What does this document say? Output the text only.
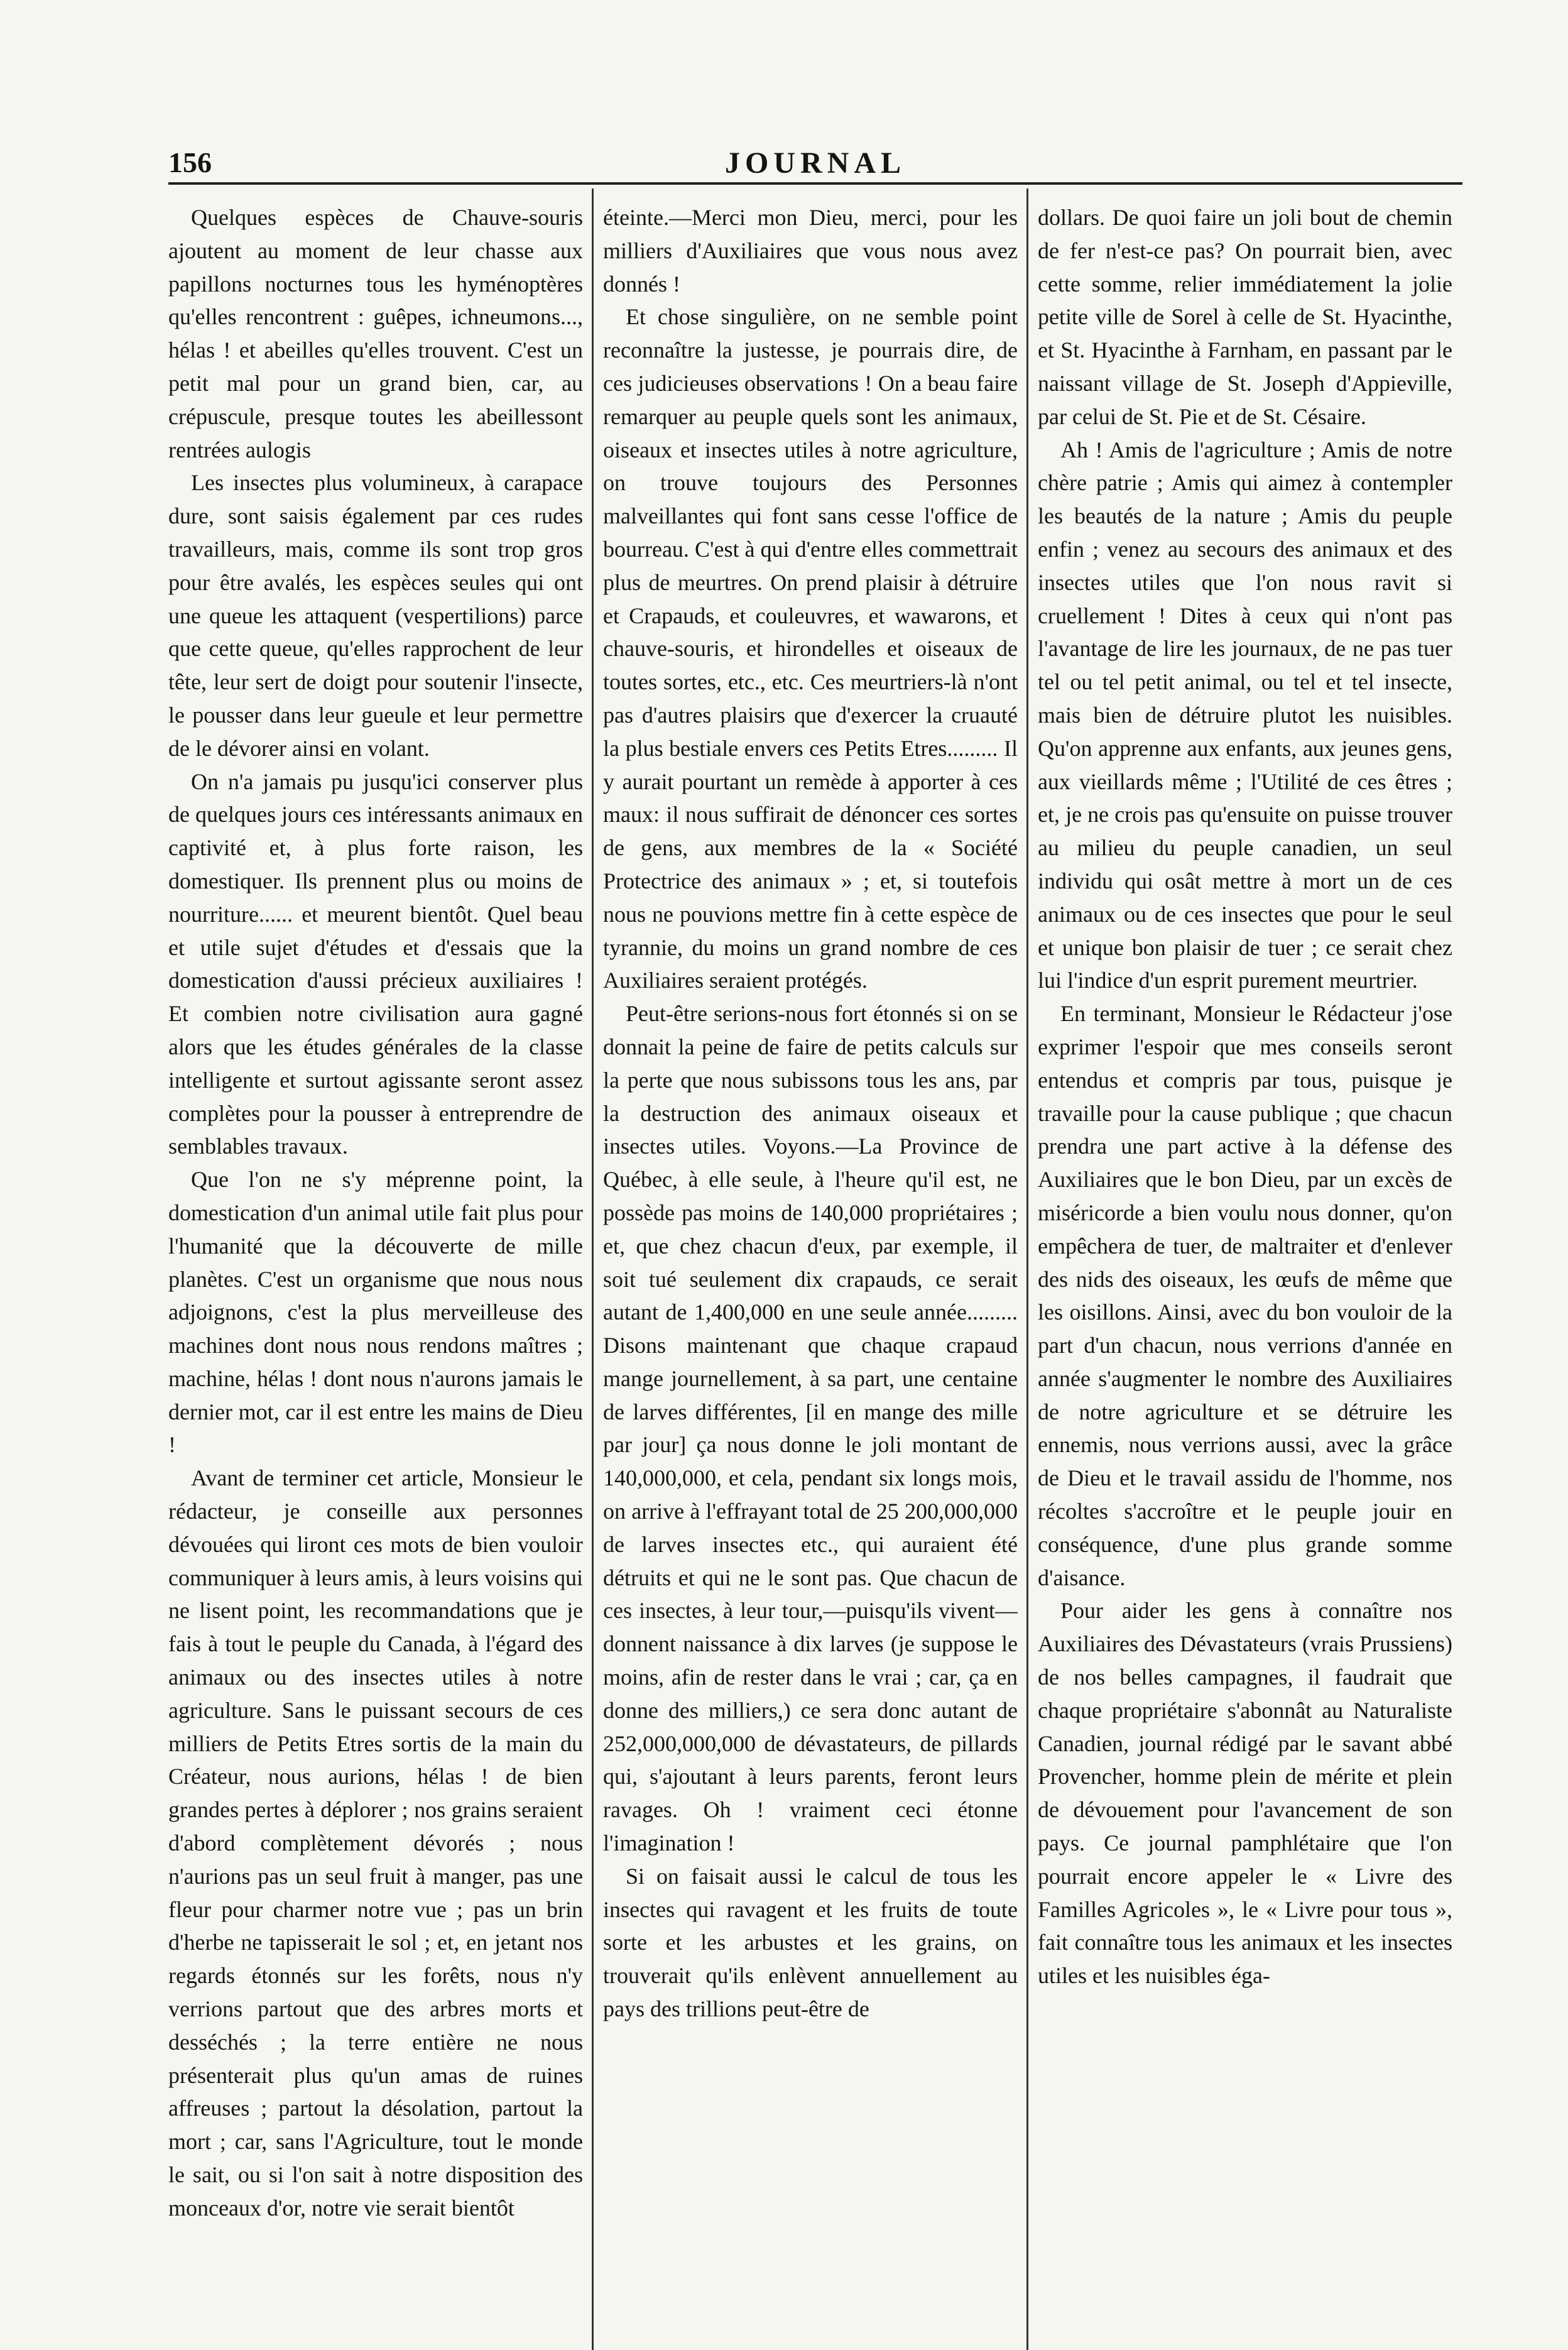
156	JOURNAL

Quelques espèces de Chauve-souris ajoutent au moment de leur chasse aux papillons nocturnes tous les hyménoptères qu'elles rencontrent : guêpes, ichneumons..., hélas ! et abeilles qu'elles trouvent. C'est un petit mal pour un grand bien, car, au crépuscule, presque toutes les abeillessont rentrées aulogis

Les insectes plus volumineux, à carapace dure, sont saisis également par ces rudes travailleurs, mais, comme ils sont trop gros pour être avalés, les espèces seules qui ont une queue les attaquent (vespertilions) parce que cette queue, qu'elles rapprochent de leur tête, leur sert de doigt pour soutenir l'insecte, le pousser dans leur gueule et leur permettre de le dévorer ainsi en volant.

On n'a jamais pu jusqu'ici conserver plus de quelques jours ces intéressants animaux en captivité et, à plus forte raison, les domestiquer. Ils prennent plus ou moins de nourriture...... et meurent bientôt. Quel beau et utile sujet d'études et d'essais que la domestication d'aussi précieux auxiliaires ! Et combien notre civilisation aura gagné alors que les études générales de la classe intelligente et surtout agissante seront assez complètes pour la pousser à entreprendre de semblables travaux.

Que l'on ne s'y méprenne point, la domestication d'un animal utile fait plus pour l'humanité que la découverte de mille planètes. C'est un organisme que nous nous adjoignons, c'est la plus merveilleuse des machines dont nous nous rendons maîtres ; machine, hélas ! dont nous n'aurons jamais le dernier mot, car il est entre les mains de Dieu !

Avant de terminer cet article, Monsieur le rédacteur, je conseille aux personnes dévouées qui liront ces mots de bien vouloir communiquer à leurs amis, à leurs voisins qui ne lisent point, les recommandations que je fais à tout le peuple du Canada, à l'égard des animaux ou des insectes utiles à notre agriculture. Sans le puissant secours de ces milliers de Petits Etres sortis de la main du Créateur, nous aurions, hélas ! de bien grandes pertes à déplorer ; nos grains seraient d'abord complètement dévorés ; nous n'aurions pas un seul fruit à manger, pas une fleur pour charmer notre vue ; pas un brin d'herbe ne tapisserait le sol ; et, en jetant nos regards étonnés sur les forêts, nous n'y verrions partout que des arbres morts et desséchés ; la terre entière ne nous présenterait plus qu'un amas de ruines affreuses ; partout la désolation, partout la mort ; car, sans l'Agriculture, tout le monde le sait, ou si l'on sait à notre disposition des monceaux d'or, notre vie serait bientôt

éteinte.—Merci mon Dieu, merci, pour les milliers d'Auxiliaires que vous nous avez donnés !

Et chose singulière, on ne semble point reconnaître la justesse, je pourrais dire, de ces judicieuses observations ! On a beau faire remarquer au peuple quels sont les animaux, oiseaux et insectes utiles à notre agriculture, on trouve toujours des Personnes malveillantes qui font sans cesse l'office de bourreau. C'est à qui d'entre elles commettrait plus de meurtres. On prend plaisir à détruire et Crapauds, et couleuvres, et wawarons, et chauve-souris, et hirondelles et oiseaux de toutes sortes, etc., etc. Ces meurtriers-là n'ont pas d'autres plaisirs que d'exercer la cruauté la plus bestiale envers ces Petits Etres......... Il y aurait pourtant un remède à apporter à ces maux: il nous suffirait de dénoncer ces sortes de gens, aux membres de la « Société Protectrice des animaux » ; et, si toutefois nous ne pouvions mettre fin à cette espèce de tyrannie, du moins un grand nombre de ces Auxiliaires seraient protégés.

Peut-être serions-nous fort étonnés si on se donnait la peine de faire de petits calculs sur la perte que nous subissons tous les ans, par la destruction des animaux oiseaux et insectes utiles. Voyons.—La Province de Québec, à elle seule, à l'heure qu'il est, ne possède pas moins de 140,000 propriétaires ; et, que chez chacun d'eux, par exemple, il soit tué seulement dix crapauds, ce serait autant de 1,400,000 en une seule année......... Disons maintenant que chaque crapaud mange journellement, à sa part, une centaine de larves différentes, [il en mange des mille par jour] ça nous donne le joli montant de 140,000,000, et cela, pendant six longs mois, on arrive à l'effrayant total de 25 200,000,000 de larves insectes etc., qui auraient été détruits et qui ne le sont pas. Que chacun de ces insectes, à leur tour,—puisqu'ils vivent—donnent naissance à dix larves (je suppose le moins, afin de rester dans le vrai ; car, ça en donne des milliers,) ce sera donc autant de 252,000,000,000 de dévastateurs, de pillards qui, s'ajoutant à leurs parents, feront leurs ravages. Oh ! vraiment ceci étonne l'imagination !

Si on faisait aussi le calcul de tous les insectes qui ravagent et les fruits de toute sorte et les arbustes et les grains, on trouverait qu'ils enlèvent annuellement au pays des trillions peut-être de

dollars. De quoi faire un joli bout de chemin de fer n'est-ce pas? On pourrait bien, avec cette somme, relier immédiatement la jolie petite ville de Sorel à celle de St. Hyacinthe, et St. Hyacinthe à Farnham, en passant par le naissant village de St. Joseph d'Appieville, par celui de St. Pie et de St. Césaire.

Ah ! Amis de l'agriculture ; Amis de notre chère patrie ; Amis qui aimez à contempler les beautés de la nature ; Amis du peuple enfin ; venez au secours des animaux et des insectes utiles que l'on nous ravit si cruellement ! Dites à ceux qui n'ont pas l'avantage de lire les journaux, de ne pas tuer tel ou tel petit animal, ou tel et tel insecte, mais bien de détruire plutot les nuisibles. Qu'on apprenne aux enfants, aux jeunes gens, aux vieillards même ; l'Utilité de ces êtres ; et, je ne crois pas qu'ensuite on puisse trouver au milieu du peuple canadien, un seul individu qui osât mettre à mort un de ces animaux ou de ces insectes que pour le seul et unique bon plaisir de tuer ; ce serait chez lui l'indice d'un esprit purement meurtrier.

En terminant, Monsieur le Rédacteur j'ose exprimer l'espoir que mes conseils seront entendus et compris par tous, puisque je travaille pour la cause publique ; que chacun prendra une part active à la défense des Auxiliaires que le bon Dieu, par un excès de miséricorde a bien voulu nous donner, qu'on empêchera de tuer, de maltraiter et d'enlever des nids des oiseaux, les œufs de même que les oisillons. Ainsi, avec du bon vouloir de la part d'un chacun, nous verrions d'année en année s'augmenter le nombre des Auxiliaires de notre agriculture et se détruire les ennemis, nous verrions aussi, avec la grâce de Dieu et le travail assidu de l'homme, nos récoltes s'accroître et le peuple jouir en conséquence, d'une plus grande somme d'aisance.

Pour aider les gens à connaître nos Auxiliaires des Dévastateurs (vrais Prussiens) de nos belles campagnes, il faudrait que chaque propriétaire s'abonnât au Naturaliste Canadien, journal rédigé par le savant abbé Provencher, homme plein de mérite et plein de dévouement pour l'avancement de son pays. Ce journal pamphlétaire que l'on pourrait encore appeler le « Livre des Familles Agricoles », le « Livre pour tous », fait connaître tous les animaux et les insectes utiles et les nuisibles éga-
